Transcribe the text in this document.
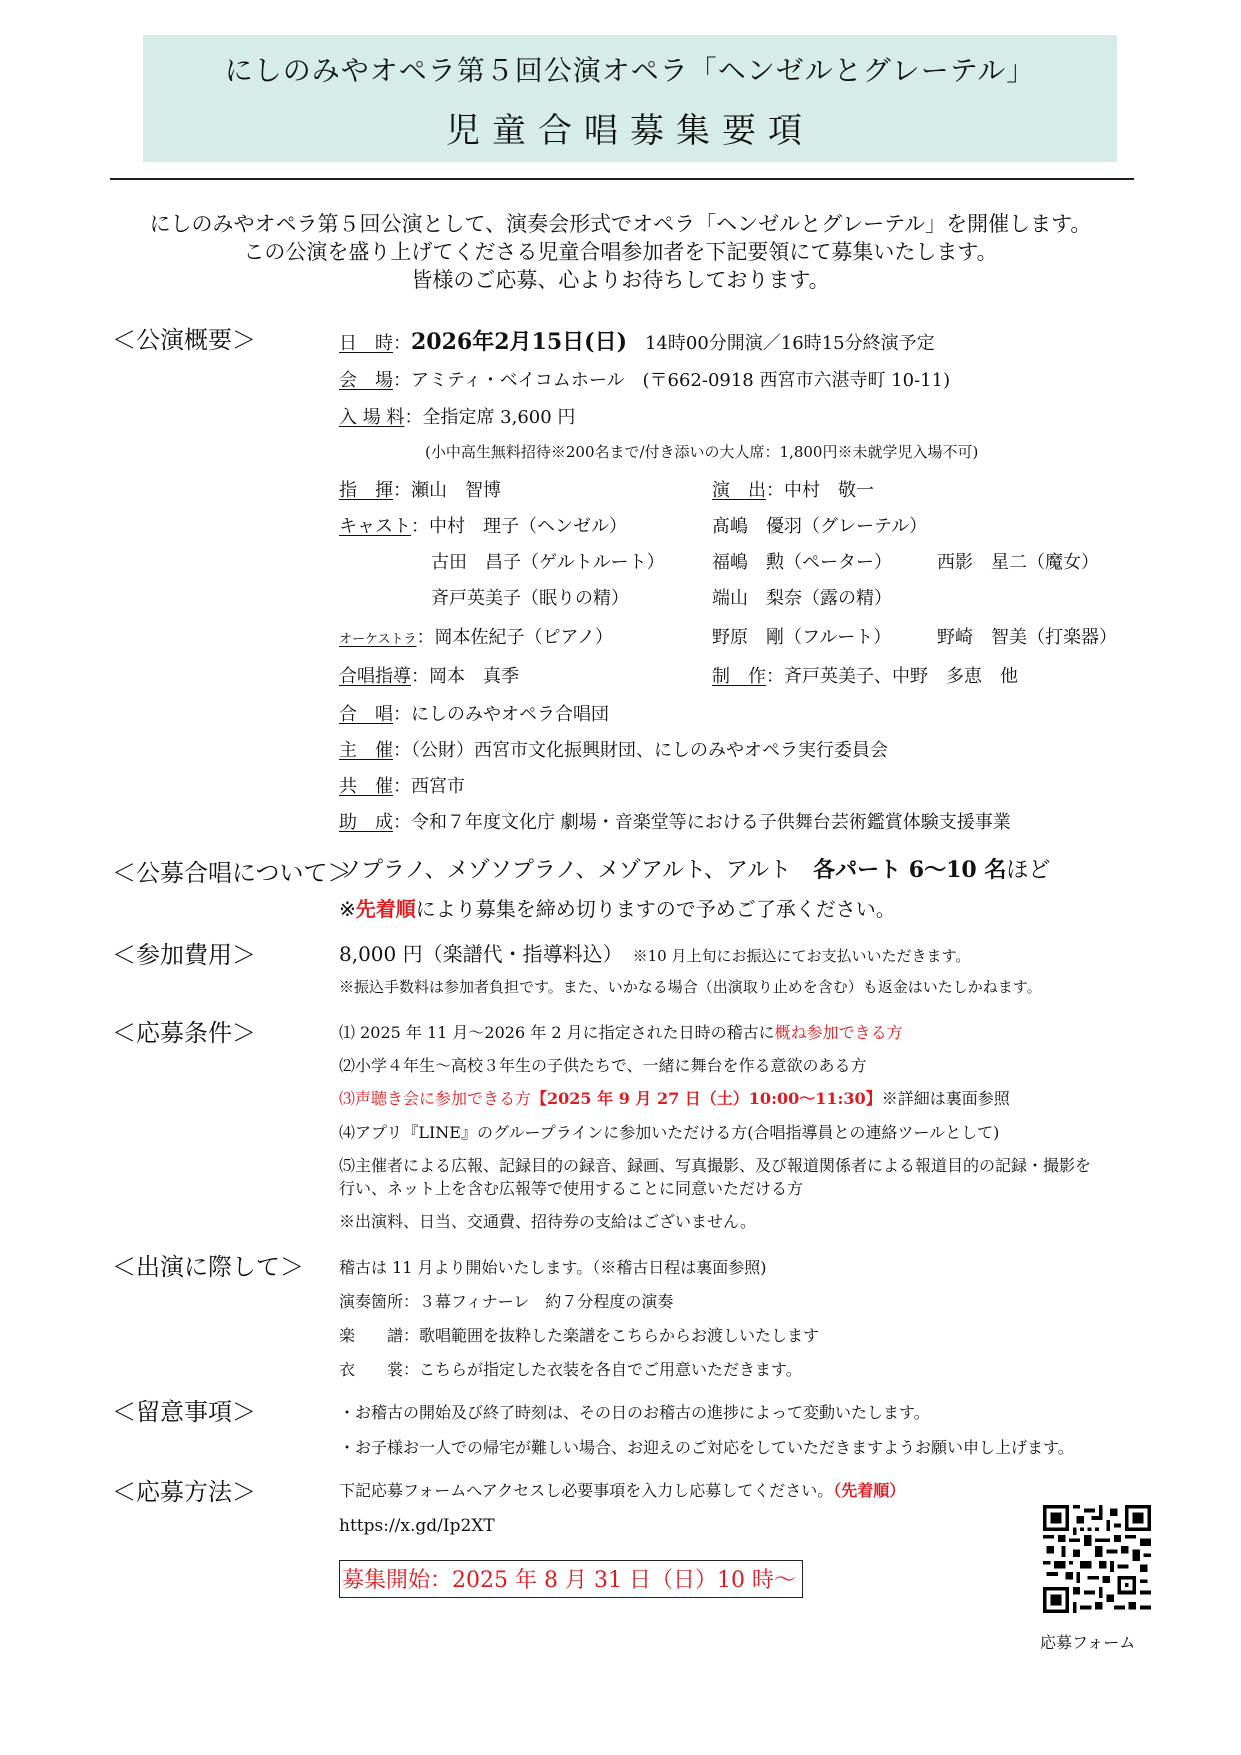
にしのみやオペラ第５回公演オペラ「ヘンゼルとグレーテル」
児童合唱募集要項
にしのみやオペラ第５回公演として、演奏会形式でオペラ「ヘンゼルとグレーテル」を開催します。
この公演を盛り上げてくださる児童合唱参加者を下記要領にて募集いたします。
皆様のご応募、心よりお待ちしております。
＜公演概要＞	日　時：2026年2月15日(日)　 14時00分開演／16時15分終演予定
会　場：アミティ・ベイコムホール　(〒662-0918 西宮市六湛寺町 10-11)
入 場 料：全指定席 3,600 円
(小中高生無料招待※200名まで/付き添いの大人席：1,800円※未就学児入場不可)
指　揮：瀬山　智博	演　出：中村　敬一
キャスト：中村　理子（ヘンゼル）	髙嶋　優羽（グレーテル）
古田　昌子（ゲルトルート）	福嶋　勲（ペーター）	西影　星二（魔女）
斉戸英美子（眠りの精）	端山　梨奈（露の精）
オーケストラ：岡本佐紀子（ピアノ）	野原　剛（フルート）	野崎　智美（打楽器）
合唱指導：岡本　真季	制　作：斉戸英美子、中野　多恵　他
合　唱：にしのみやオペラ合唱団
主　催：（公財）西宮市文化振興財団、にしのみやオペラ実行委員会
共　催：西宮市
助　成：令和７年度文化庁 劇場・音楽堂等における子供舞台芸術鑑賞体験支援事業
＜公募合唱について＞
ソプラノ、メゾソプラノ、メゾアルト、アルト　 各パート 6〜10 名ほど
※先着順により募集を締め切りますので予めご了承ください。
＜参加費用＞	8,000 円（楽譜代・指導料込）　 ※10 月上旬にお振込にてお支払いいただきます。
※振込手数料は参加者負担です。また、いかなる場合（出演取り止めを含む）も返金はいたしかねます。
＜応募条件＞	⑴ 2025 年 11 月〜2026 年 2 月に指定された日時の稽古に概ね参加できる方
⑵小学４年生〜高校３年生の子供たちで、一緒に舞台を作る意欲のある方
⑶声聴き会に参加できる方【2025 年 9 月 27 日（土）10:00〜11:30】※詳細は裏面参照
⑷アプリ『LINE』のグループラインに参加いただける方(合唱指導員との連絡ツールとして)
⑸主催者による広報、記録目的の録音、録画、写真撮影、及び報道関係者による報道目的の記録・撮影を
行い、ネット上を含む広報等で使用することに同意いただける方
※出演料、日当、交通費、招待券の支給はございません。
＜出演に際して＞ 稽古は 11 月より開始いたします。（※稽古日程は裏面参照)
演奏箇所：３幕フィナーレ　約７分程度の演奏
楽　　譜：歌唱範囲を抜粋した楽譜をこちらからお渡しいたします
衣　　裳：こちらが指定した衣装を各自でご用意いただきます。
＜留意事項＞	・お稽古の開始及び終了時刻は、その日のお稽古の進捗によって変動いたします。
・お子様お一人での帰宅が難しい場合、お迎えのご対応をしていただきますようお願い申し上げます。
＜応募方法＞	下記応募フォームへアクセスし必要事項を入力し応募してください。（先着順）
https://x.gd/Ip2XT
募集開始：2025 年 8 月 31 日（日）10 時〜
応募フォーム
